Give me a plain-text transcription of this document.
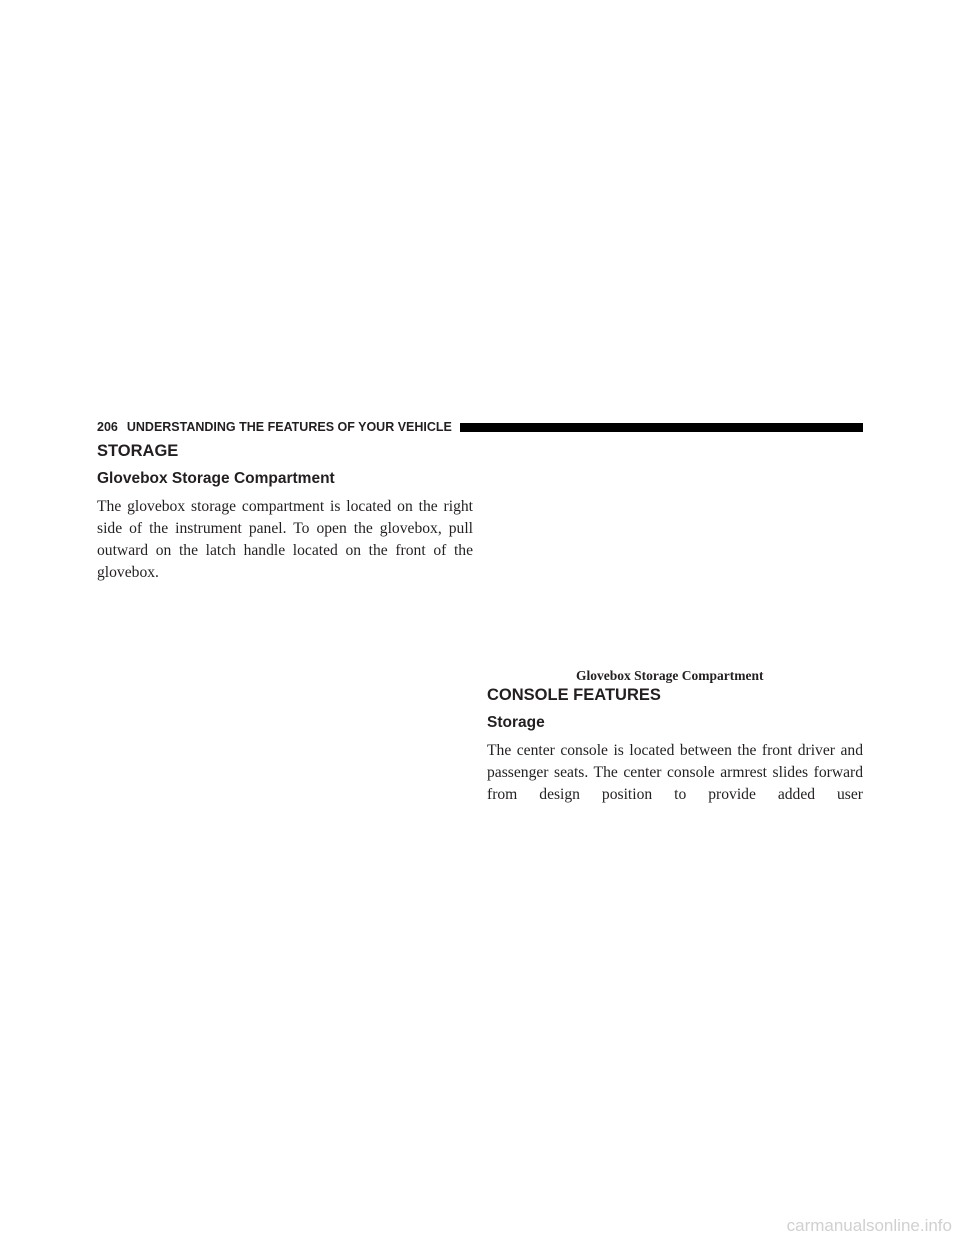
206 UNDERSTANDING THE FEATURES OF YOUR VEHICLE
STORAGE
Glovebox Storage Compartment

The glovebox storage compartment is located on the right side of the instrument panel. To open the glovebox, pull outward on the latch handle located on the front of the glovebox.

Glovebox Storage Compartment
CONSOLE FEATURES
Storage

The center console is located between the front driver and passenger seats. The center console armrest slides forward from design position to provide added user

carmanualsonline.info
